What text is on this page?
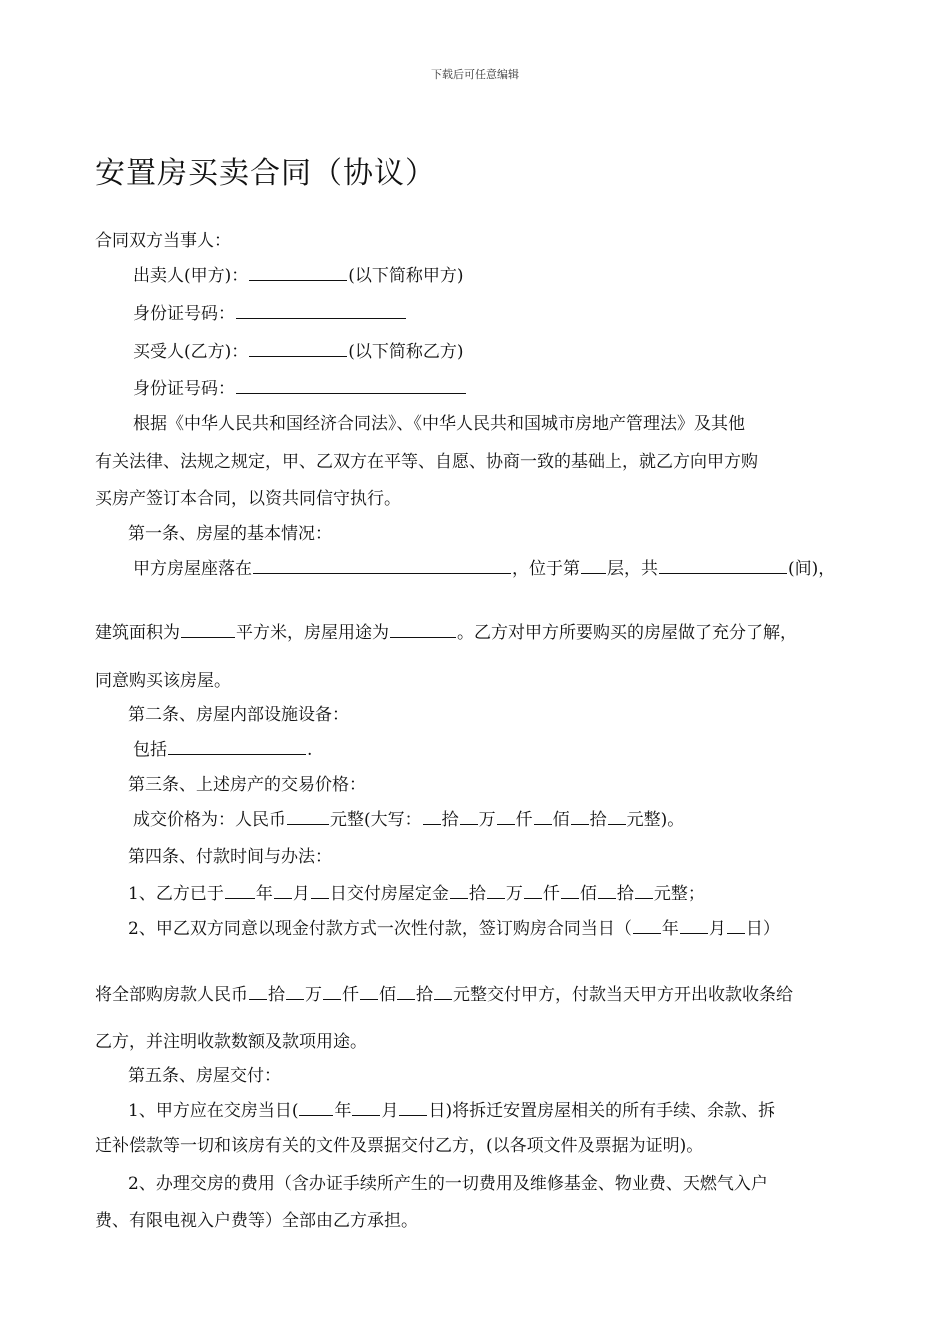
下载后可任意编辑
安置房买卖合同（协议）
合同双方当事人：
出卖人(甲方)：	(以下简称甲方)
身份证号码：
买受人(乙方)：	(以下简称乙方)
身份证号码：
根据《中华人民共和国经济合同法》、《中华人民共和国城市房地产管理法》及其他
有关法律、法规之规定，甲、乙双方在平等、自愿、协商一致的基础上，就乙方向甲方购
买房产签订本合同，以资共同信守执行。
第一条、房屋的基本情况：
甲方房屋座落在	，位于第 层，共	(间)，
建筑面积为	平方米，房屋用途为	。乙方对甲方所要购买的房屋做了充分了解，
同意购买该房屋。
第二条、房屋内部设施设备：
包括	.
第三条、上述房产的交易价格：
成交价格为：人民币	元整(大写： 拾 万 仟 佰 拾 元整)。
第四条、付款时间与办法：
1、乙方已于 年 月 日交付房屋定金 拾 万 仟 佰 拾 元整；
2、甲乙双方同意以现金付款方式一次性付款，签订购房合同当日（ 年 月 日）
将全部购房款人民币 拾 万 仟 佰 拾 元整交付甲方，付款当天甲方开出收款收条给
乙方，并注明收款数额及款项用途。
第五条、房屋交付：
1、甲方应在交房当日( 年 月 日)将拆迁安置房屋相关的所有手续、余款、拆
迁补偿款等一切和该房有关的文件及票据交付乙方，(以各项文件及票据为证明)。
2、办理交房的费用（含办证手续所产生的一切费用及维修基金、物业费、天燃气入户
费、有限电视入户费等）全部由乙方承担。
